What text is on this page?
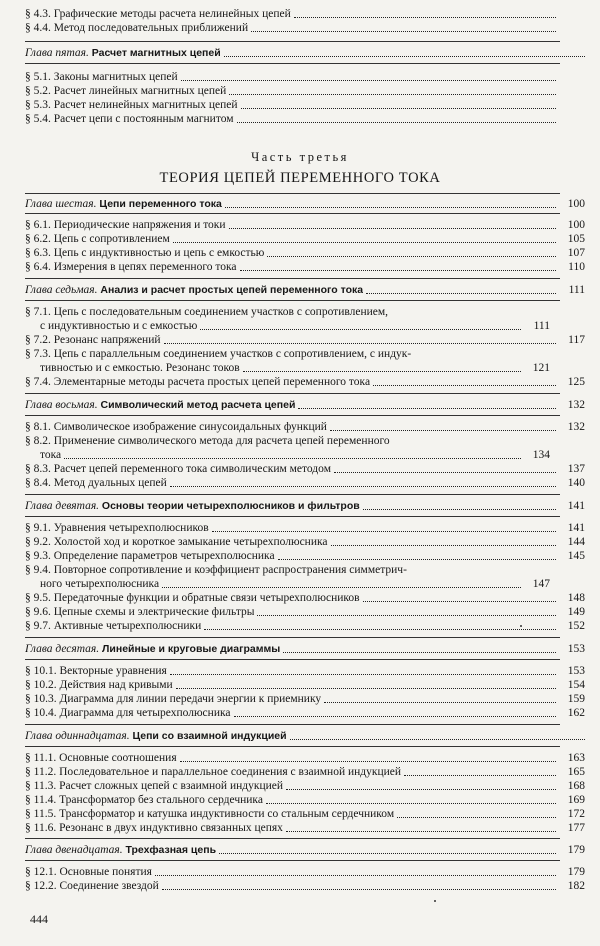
§ 4.3. Графические методы расчета нелинейных цепей
§ 4.4. Метод последовательных приближений
Глава пятая. Расчет магнитных цепей
§ 5.1. Законы магнитных цепей
§ 5.2. Расчет линейных магнитных цепей
§ 5.3. Расчет нелинейных магнитных цепей
§ 5.4. Расчет цепи с постоянным магнитом
Часть третья
ТЕОРИЯ ЦЕПЕЙ ПЕРЕМЕННОГО ТОКА
Глава шестая. Цепи переменного тока	100
§ 6.1. Периодические напряжения и токи	100
§ 6.2. Цепь с сопротивлением	105
§ 6.3. Цепь с индуктивностью и цепь с емкостью	107
§ 6.4. Измерения в цепях переменного тока	110
Глава седьмая. Анализ и расчет простых цепей переменного тока	111
§ 7.1. Цепь с последовательным соединением участков с сопротивлением,
с индуктивностью и с емкостью	111
§ 7.2. Резонанс напряжений	117
§ 7.3. Цепь с параллельным соединением участков с сопротивлением, с индук-
тивностью и с емкостью. Резонанс токов	121
§ 7.4. Элементарные методы расчета простых цепей переменного тока	125
Глава восьмая. Символический метод расчета цепей	132
§ 8.1. Символическое изображение синусоидальных функций	132
§ 8.2. Применение символического метода для расчета цепей переменного
тока	134
§ 8.3. Расчет цепей переменного тока символическим методом	137
§ 8.4. Метод дуальных цепей	140
Глава девятая. Основы теории четырехполюсников и фильтров	141
§ 9.1. Уравнения четырехполюсников	141
§ 9.2. Холостой ход и короткое замыкание четырехполюсника	144
§ 9.3. Определение параметров четырехполюсника	145
§ 9.4. Повторное сопротивление и коэффициент распространения симметрич-
ного четырехполюсника	147
§ 9.5. Передаточные функции и обратные связи четырехполюсников	148
§ 9.6. Цепные схемы и электрические фильтры	149
§ 9.7. Активные четырехполюсники	152
Глава десятая. Линейные и круговые диаграммы	153
§ 10.1. Векторные уравнения	153
§ 10.2. Действия над кривыми	154
§ 10.3. Диаграмма для линии передачи энергии к приемнику	159
§ 10.4. Диаграмма для четырехполюсника	162
Глава одиннадцатая. Цепи со взаимной индукцией
§ 11.1. Основные соотношения	163
§ 11.2. Последовательное и параллельное соединения с взаимной индукцией	165
§ 11.3. Расчет сложных цепей с взаимной индукцией	168
§ 11.4. Трансформатор без стального сердечника	169
§ 11.5. Трансформатор и катушка индуктивности со стальным сердечником	172
§ 11.6. Резонанс в двух индуктивно связанных цепях	177
Глава двенадцатая. Трехфазная цепь	179
§ 12.1. Основные понятия	179
§ 12.2. Соединение звездой	182
444
